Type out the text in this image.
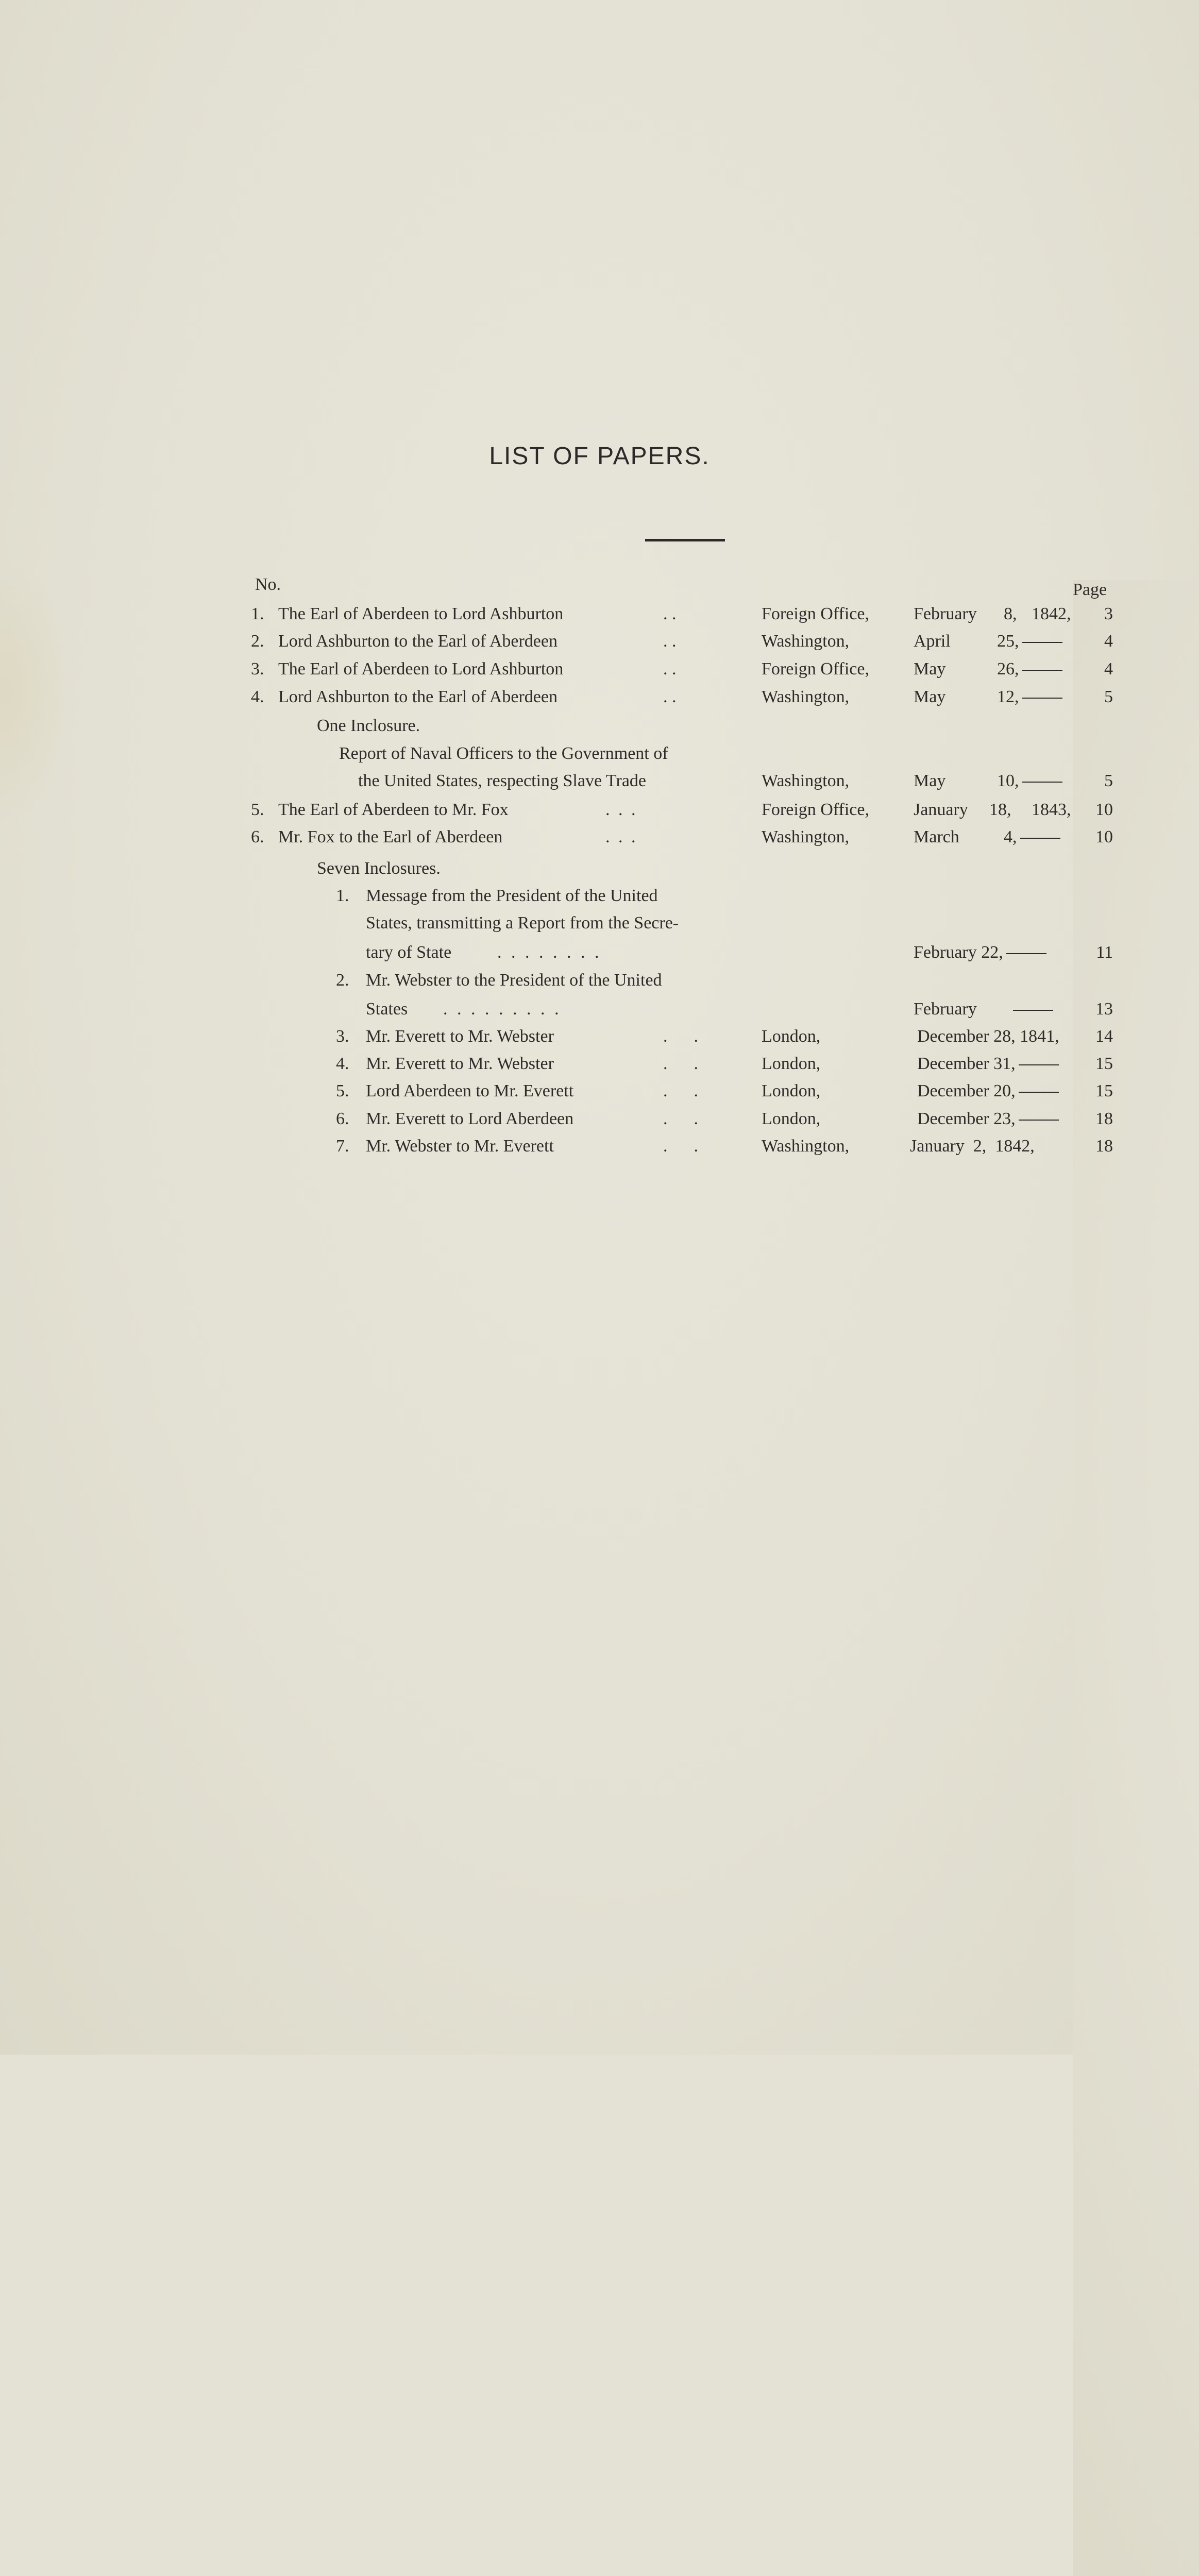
LIST OF PAPERS.
No.	Page
1. The Earl of Aberdeen to Lord Ashburton	. .	Foreign Office,	February 8, 1842,	3
2. Lord Ashburton to the Earl of Aberdeen	. .	Washington,	April	25,	4
3. The Earl of Aberdeen to Lord Ashburton	. .	Foreign Office,	May	26,	4
4. Lord Ashburton to the Earl of Aberdeen	. .	Washington,	May	12,	5
One Inclosure.
Report of Naval Officers to the Government of
the United States, respecting Slave Trade	Washington,	May	10,	5
5. The Earl of Aberdeen to Mr. Fox	. . .	Foreign Office,	January 18, 1843,	10
6. Mr. Fox to the Earl of Aberdeen	. . .	Washington,	March	4,	10
Seven Inclosures.
1. Message from the President of the United
States, transmitting a Report from the Secre-
tary of State	. . . . . . . .	February 22,	11
2. Mr. Webster to the President of the United
States . . . . . . . . .	February	13
3. Mr. Everett to Mr. Webster	.      .	London,	December 28, 1841,	14
4. Mr. Everett to Mr. Webster	.      .	London,	December 31,	15
5. Lord Aberdeen to Mr. Everett	.      .	London,	December 20,	15
6. Mr. Everett to Lord Aberdeen	.      .	London,	December 23,	18
7. Mr. Webster to Mr. Everett	.      .	Washington,	January  2,  1842,	18
